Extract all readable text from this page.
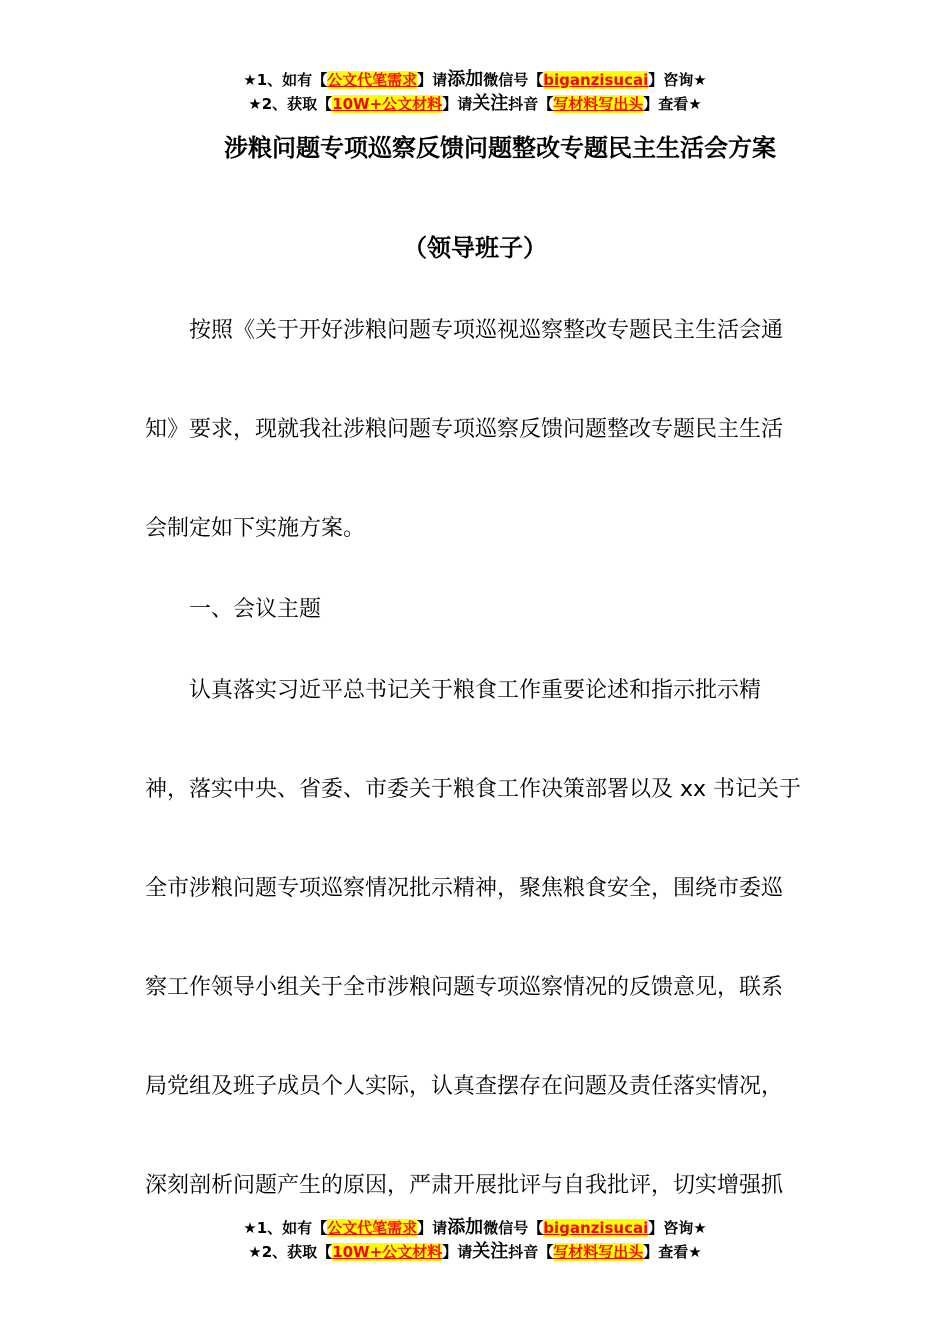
★1、如有【公文代笔需求】请添加微信号【biganzisucai】咨询★
★2、获取【10W+公文材料】请关注抖音【写材料写出头】查看★
涉粮问题专项巡察反馈问题整改专题民主生活会方案
（领导班子）
　　按照《关于开好涉粮问题专项巡视巡察整改专题民主生活会通
知》要求，现就我社涉粮问题专项巡察反馈问题整改专题民主生活
会制定如下实施方案。
　　一、会议主题
　　认真落实习近平总书记关于粮食工作重要论述和指示批示精
神，落实中央、省委、市委关于粮食工作决策部署以及 xx 书记关于
全市涉粮问题专项巡察情况批示精神，聚焦粮食安全，围绕市委巡
察工作领导小组关于全市涉粮问题专项巡察情况的反馈意见，联系
局党组及班子成员个人实际，认真查摆存在问题及责任落实情况，
深刻剖析问题产生的原因，严肃开展批评与自我批评，切实增强抓
★1、如有【公文代笔需求】请添加微信号【biganzisucai】咨询★
★2、获取【10W+公文材料】请关注抖音【写材料写出头】查看★
